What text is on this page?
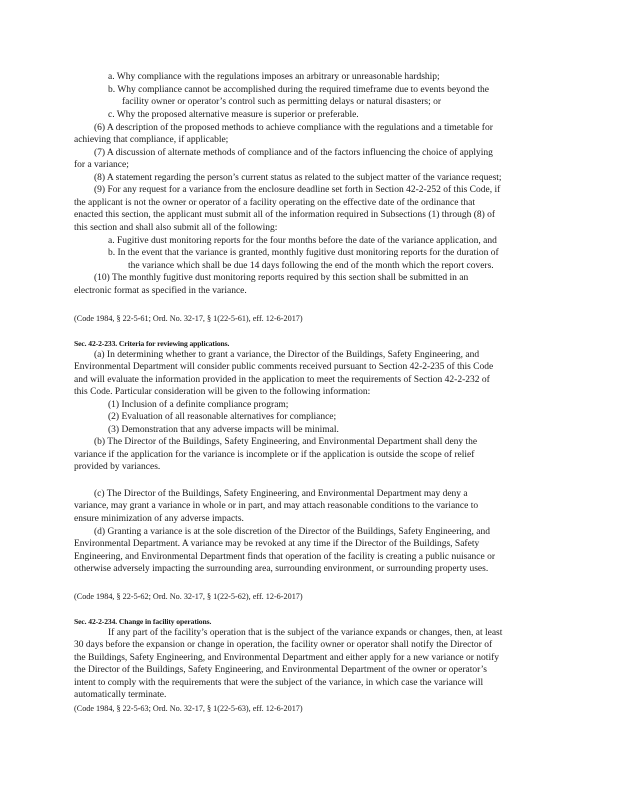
a. Why compliance with the regulations imposes an arbitrary or unreasonable hardship;
b. Why compliance cannot be accomplished during the required timeframe due to events beyond the
facility owner or operator’s control such as permitting delays or natural disasters; or
c. Why the proposed alternative measure is superior or preferable.
(6) A description of the proposed methods to achieve compliance with the regulations and a timetable for
achieving that compliance, if applicable;
(7) A discussion of alternate methods of compliance and of the factors influencing the choice of applying
for a variance;
(8) A statement regarding the person’s current status as related to the subject matter of the variance request;
(9) For any request for a variance from the enclosure deadline set forth in Section 42-2-252 of this Code, if
the applicant is not the owner or operator of a facility operating on the effective date of the ordinance that
enacted this section, the applicant must submit all of the information required in Subsections (1) through (8) of
this section and shall also submit all of the following:
a. Fugitive dust monitoring reports for the four months before the date of the variance application, and
b. In the event that the variance is granted, monthly fugitive dust monitoring reports for the duration of
the variance which shall be due 14 days following the end of the month which the report covers.
(10) The monthly fugitive dust monitoring reports required by this section shall be submitted in an
electronic format as specified in the variance.
(Code 1984, § 22-5-61; Ord. No. 32-17, § 1(22-5-61), eff. 12-6-2017)
Sec. 42-2-233. Criteria for reviewing applications.
(a) In determining whether to grant a variance, the Director of the Buildings, Safety Engineering, and
Environmental Department will consider public comments received pursuant to Section 42-2-235 of this Code
and will evaluate the information provided in the application to meet the requirements of Section 42-2-232 of
this Code. Particular consideration will be given to the following information:
(1) Inclusion of a definite compliance program;
(2) Evaluation of all reasonable alternatives for compliance;
(3) Demonstration that any adverse impacts will be minimal.
(b) The Director of the Buildings, Safety Engineering, and Environmental Department shall deny the
variance if the application for the variance is incomplete or if the application is outside the scope of relief
provided by variances.
(c) The Director of the Buildings, Safety Engineering, and Environmental Department may deny a
variance, may grant a variance in whole or in part, and may attach reasonable conditions to the variance to
ensure minimization of any adverse impacts.
(d) Granting a variance is at the sole discretion of the Director of the Buildings, Safety Engineering, and
Environmental Department. A variance may be revoked at any time if the Director of the Buildings, Safety
Engineering, and Environmental Department finds that operation of the facility is creating a public nuisance or
otherwise adversely impacting the surrounding area, surrounding environment, or surrounding property uses.
(Code 1984, § 22-5-62; Ord. No. 32-17, § 1(22-5-62), eff. 12-6-2017)
Sec. 42-2-234. Change in facility operations.
If any part of the facility’s operation that is the subject of the variance expands or changes, then, at least
30 days before the expansion or change in operation, the facility owner or operator shall notify the Director of
the Buildings, Safety Engineering, and Environmental Department and either apply for a new variance or notify
the Director of the Buildings, Safety Engineering, and Environmental Department of the owner or operator’s
intent to comply with the requirements that were the subject of the variance, in which case the variance will
automatically terminate.
(Code 1984, § 22-5-63; Ord. No. 32-17, § 1(22-5-63), eff. 12-6-2017)
